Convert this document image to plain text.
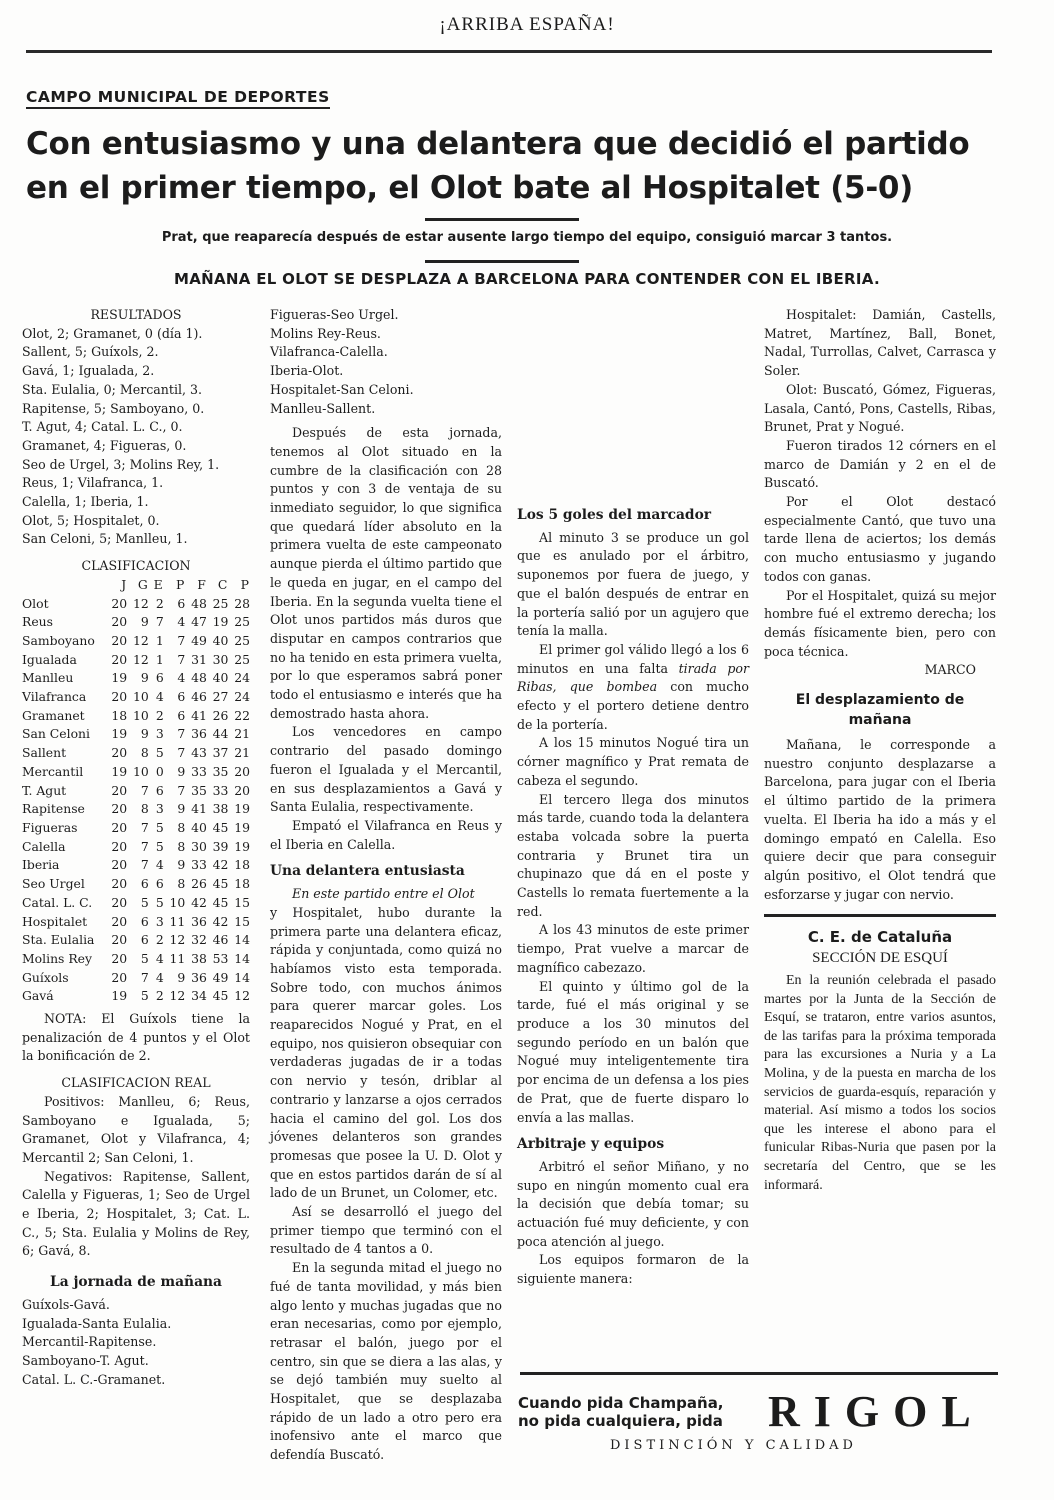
¡ARRIBA ESPAÑA!
CAMPO MUNICIPAL DE DEPORTES
Con entusiasmo y una delantera que decidió el partido en el primer tiempo, el Olot bate al Hospitalet (5-0)
Prat, que reaparecía después de estar ausente largo tiempo del equipo, consiguió marcar 3 tantos.
MAÑANA EL OLOT SE DESPLAZA A BARCELONA PARA CONTENDER CON EL IBERIA.
RESULTADOS
Olot, 2; Gramanet, 0 (día 1).
Sallent, 5; Guíxols, 2.
Gavá, 1; Igualada, 2.
Sta. Eulalia, 0; Mercantil, 3.
Rapitense, 5; Samboyano, 0.
T. Agut, 4; Catal. L. C., 0.
Gramanet, 4; Figueras, 0.
Seo de Urgel, 3; Molins Rey, 1.
Reus, 1; Vilafranca, 1.
Calella, 1; Iberia, 1.
Olot, 5; Hospitalet, 0.
San Celoni, 5; Manlleu, 1.
CLASIFICACION
	J	G	E	P	F	C	P
Olot	20	12	2	6	48	25	28
Reus	20	9	7	4	47	19	25
Samboyano	20	12	1	7	49	40	25
Igualada	20	12	1	7	31	30	25
Manlleu	19	9	6	4	48	40	24
Vilafranca	20	10	4	6	46	27	24
Gramanet	18	10	2	6	41	26	22
San Celoni	19	9	3	7	36	44	21
Sallent	20	8	5	7	43	37	21
Mercantil	19	10	0	9	33	35	20
T. Agut	20	7	6	7	35	33	20
Rapitense	20	8	3	9	41	38	19
Figueras	20	7	5	8	40	45	19
Calella	20	7	5	8	30	39	19
Iberia	20	7	4	9	33	42	18
Seo Urgel	20	6	6	8	26	45	18
Catal. L. C.	20	5	5	10	42	45	15
Hospitalet	20	6	3	11	36	42	15
Sta. Eulalia	20	6	2	12	32	46	14
Molins Rey	20	5	4	11	38	53	14
Guíxols	20	7	4	9	36	49	14
Gavá	19	5	2	12	34	45	12

NOTA: El Guíxols tiene la penalización de 4 puntos y el Olot la bonificación de 2.

CLASIFICACION REAL

Positivos: Manlleu, 6; Reus, Samboyano e Igualada, 5; Gramanet, Olot y Vilafranca, 4; Mercantil 2; San Celoni, 1.

Negativos: Rapitense, Sallent, Calella y Figueras, 1; Seo de Urgel e Iberia, 2; Hospitalet, 3; Cat. L. C., 5; Sta. Eulalia y Molins de Rey, 6; Gavá, 8.

La jornada de mañana
Guíxols-Gavá.
Igualada-Santa Eulalia.
Mercantil-Rapitense.
Samboyano-T. Agut.
Catal. L. C.-Gramanet.
Figueras-Seo Urgel.
Molins Rey-Reus.
Vilafranca-Calella.
Iberia-Olot.
Hospitalet-San Celoni.
Manlleu-Sallent.

Después de esta jornada, tenemos al Olot situado en la cumbre de la clasificación con 28 puntos y con 3 de ventaja de su inmediato seguidor, lo que significa que quedará líder absoluto en la primera vuelta de este campeonato aunque pierda el último partido que le queda en jugar, en el campo del Iberia. En la segunda vuelta tiene el Olot unos partidos más duros que disputar en campos contrarios que no ha tenido en esta primera vuelta, por lo que esperamos sabrá poner todo el entusiasmo e interés que ha demostrado hasta ahora.

Los vencedores en campo contrario del pasado domingo fueron el Igualada y el Mercantil, en sus desplazamientos a Gavá y Santa Eulalia, respectivamente.

Empató el Vilafranca en Reus y el Iberia en Calella.

Una delantera entusiasta

En este partido entre el Olot

y Hospitalet, hubo durante la primera parte una delantera eficaz, rápida y conjuntada, como quizá no habíamos visto esta temporada. Sobre todo, con muchos ánimos para querer marcar goles. Los reaparecidos Nogué y Prat, en el equipo, nos quisieron obsequiar con verdaderas jugadas de ir a todas con nervio y tesón, driblar al contrario y lanzarse a ojos cerrados hacia el camino del gol. Los dos jóvenes delanteros son grandes promesas que posee la U. D. Olot y que en estos partidos darán de sí al lado de un Brunet, un Colomer, etc.

Así se desarrolló el juego del primer tiempo que terminó con el resultado de 4 tantos a 0.

En la segunda mitad el juego no fué de tanta movilidad, y más bien algo lento y muchas jugadas que no eran necesarias, como por ejemplo, retrasar el balón, juego por el centro, sin que se diera a las alas, y se dejó también muy suelto al Hospitalet, que se desplazaba rápido de un lado a otro pero era inofensivo ante el marco que defendía Buscató.

Los 5 goles del marcador

Al minuto 3 se produce un gol que es anulado por el árbitro, suponemos por fuera de juego, y que el balón después de entrar en la portería salió por un agujero que tenía la malla.

El primer gol válido llegó a los 6 minutos en una falta tirada por Ribas, que bombea con mucho efecto y el portero detiene dentro de la portería.

A los 15 minutos Nogué tira un córner magnífico y Prat remata de cabeza el segundo.

El tercero llega dos minutos más tarde, cuando toda la delantera estaba volcada sobre la puerta contraria y Brunet tira un chupinazo que dá en el poste y Castells lo remata fuertemente a la red.

A los 43 minutos de este primer tiempo, Prat vuelve a marcar de magnífico cabezazo.

El quinto y último gol de la tarde, fué el más original y se produce a los 30 minutos del segundo período en un balón que Nogué muy inteligentemente tira por encima de un defensa a los pies de Prat, que de fuerte disparo lo envía a las mallas.

Arbitraje y equipos

Arbitró el señor Miñano, y no supo en ningún momento cual era la decisión que debía tomar; su actuación fué muy deficiente, y con poca atención al juego.

Los equipos formaron de la siguiente manera:

Hospitalet: Damián, Castells, Matret, Martínez, Ball, Bonet, Nadal, Turrollas, Calvet, Carrasca y Soler.

Olot: Buscató, Gómez, Figueras, Lasala, Cantó, Pons, Castells, Ribas, Brunet, Prat y Nogué.

Fueron tirados 12 córners en el marco de Damián y 2 en el de Buscató.

Por el Olot destacó especialmente Cantó, que tuvo una tarde llena de aciertos; los demás con mucho entusiasmo y jugando todos con ganas.

Por el Hospitalet, quizá su mejor hombre fué el extremo derecha; los demás físicamente bien, pero con poca técnica.

MARCO
El desplazamiento de mañana

Mañana, le corresponde a nuestro conjunto desplazarse a Barcelona, para jugar con el Iberia el último partido de la primera vuelta. El Iberia ha ido a más y el domingo empató en Calella. Eso quiere decir que para conseguir algún positivo, el Olot tendrá que esforzarse y jugar con nervio.

C. E. de Cataluña
SECCIÓN DE ESQUÍ

En la reunión celebrada el pasado martes por la Junta de la Sección de Esquí, se trataron, entre varios asuntos, de las tarifas para la próxima temporada para las excursiones a Nuria y a La Molina, y de la puesta en marcha de los servicios de guarda-esquís, reparación y material. Así mismo a todos los socios que les interese el abono para el funicular Ribas-Nuria que pasen por la secretaría del Centro, que se les informará.

Cuando pida Champaña,
no pida cualquiera, pida RIGOL
DISTINCIÓN Y CALIDAD
